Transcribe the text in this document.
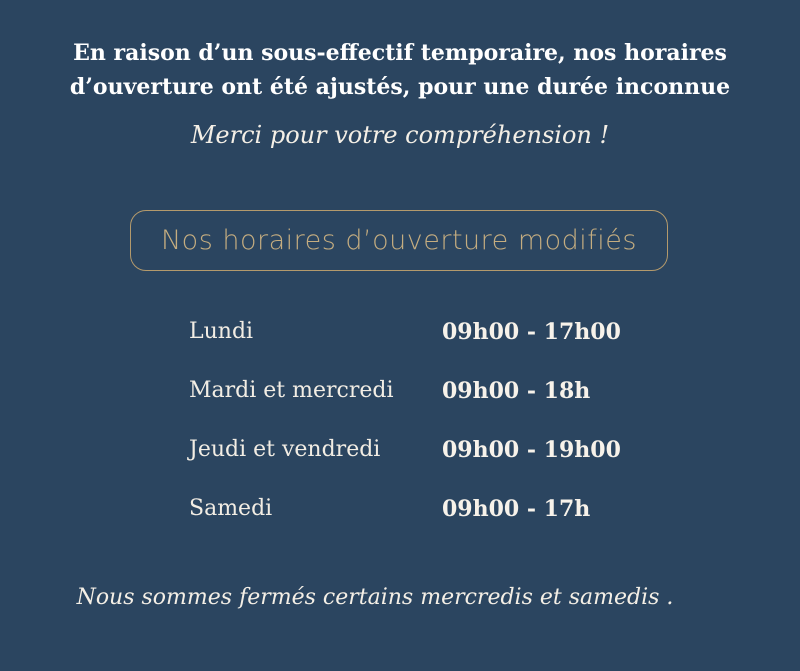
En raison d’un sous-effectif temporaire, nos horaires
d’ouverture ont été ajustés, pour une durée inconnue
Merci pour votre compréhension !
Nos horaires d’ouverture modifiés
Lundi	09h00 - 17h00
Mardi et mercredi 09h00 - 18h
Jeudi et vendredi	09h00 - 19h00
Samedi	09h00 - 17h
Nous sommes fermés certains mercredis et samedis .
